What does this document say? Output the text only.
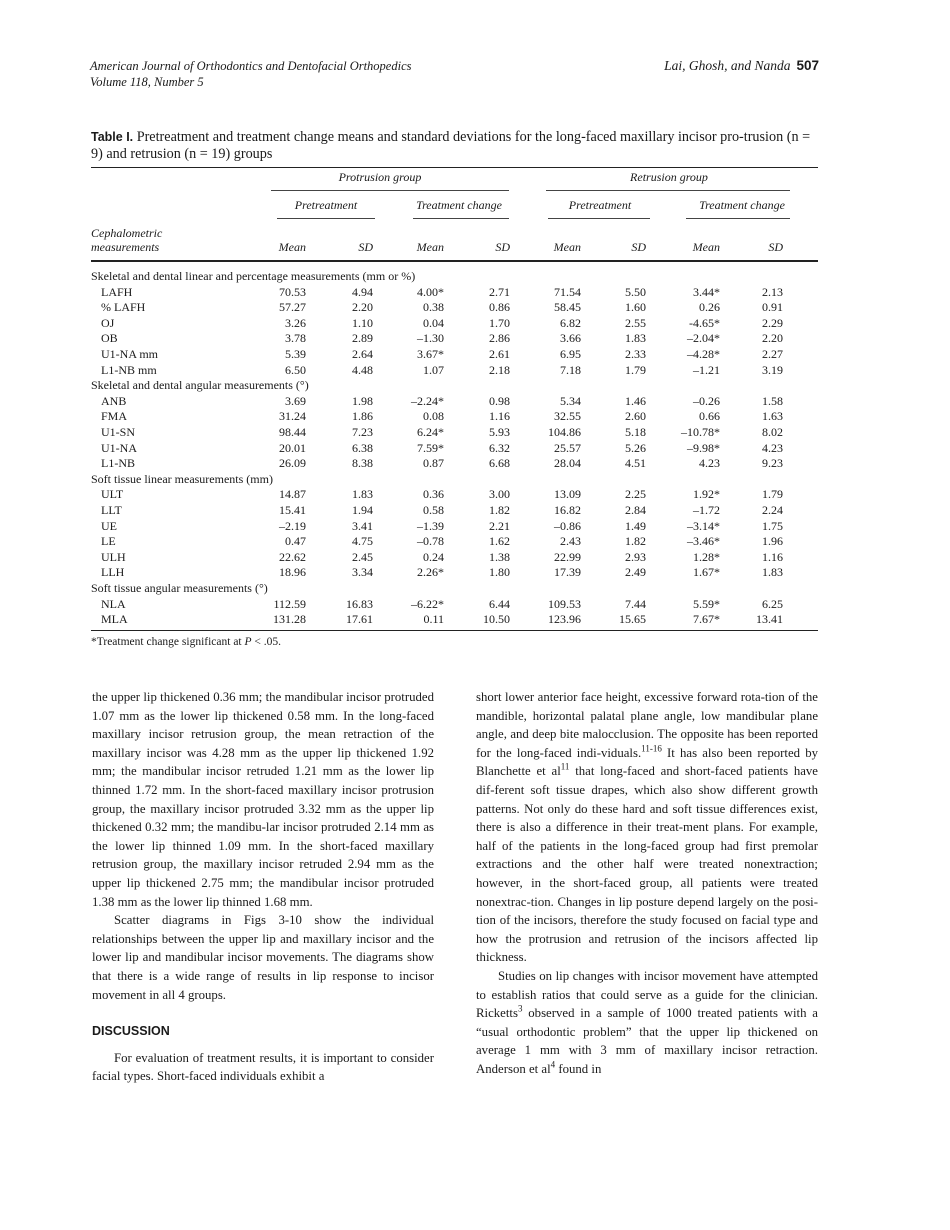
American Journal of Orthodontics and Dentofacial Orthopedics
Volume 118, Number 5
Lai, Ghosh, and Nanda 507
Table I. Pretreatment and treatment change means and standard deviations for the long-faced maxillary incisor pro-trusion (n = 9) and retrusion (n = 19) groups
Protrusion group	Retrusion group
Pretreatment	Treatment change	Pretreatment	Treatment change
Cephalometric
measurements	Mean	SD	Mean	SD	Mean	SD	Mean	SD
Skeletal and dental linear and percentage measurements (mm or %)
LAFH	70.53	4.94	4.00*	2.71	71.54	5.50	3.44*	2.13
% LAFH	57.27	2.20	0.38	0.86	58.45	1.60	0.26	0.91
OJ	3.26	1.10	0.04	1.70	6.82	2.55	-4.65*	2.29
OB	3.78	2.89	–1.30	2.86	3.66	1.83	–2.04*	2.20
U1-NA mm	5.39	2.64	3.67*	2.61	6.95	2.33	–4.28*	2.27
L1-NB mm	6.50	4.48	1.07	2.18	7.18	1.79	–1.21	3.19
Skeletal and dental angular measurements (°)
ANB	3.69	1.98	–2.24*	0.98	5.34	1.46	–0.26	1.58
FMA	31.24	1.86	0.08	1.16	32.55	2.60	0.66	1.63
U1-SN	98.44	7.23	6.24*	5.93	104.86	5.18	–10.78*	8.02
U1-NA	20.01	6.38	7.59*	6.32	25.57	5.26	–9.98*	4.23
L1-NB	26.09	8.38	0.87	6.68	28.04	4.51	4.23	9.23
Soft tissue linear measurements (mm)
ULT	14.87	1.83	0.36	3.00	13.09	2.25	1.92*	1.79
LLT	15.41	1.94	0.58	1.82	16.82	2.84	–1.72	2.24
UE	–2.19	3.41	–1.39	2.21	–0.86	1.49	–3.14*	1.75
LE	0.47	4.75	–0.78	1.62	2.43	1.82	–3.46*	1.96
ULH	22.62	2.45	0.24	1.38	22.99	2.93	1.28*	1.16
LLH	18.96	3.34	2.26*	1.80	17.39	2.49	1.67*	1.83
Soft tissue angular measurements (°)
NLA	112.59	16.83	–6.22*	6.44	109.53	7.44	5.59*	6.25
MLA	131.28	17.61	0.11	10.50	123.96	15.65	7.67*	13.41
*Treatment change significant at P < .05.

the upper lip thickened 0.36 mm; the mandibular incisor protruded 1.07 mm as the lower lip thickened 0.58 mm. In the long-faced maxillary incisor retrusion group, the mean retraction of the maxillary incisor was 4.28 mm as the upper lip thickened 1.92 mm; the mandibular incisor retruded 1.21 mm as the lower lip thinned 1.72 mm. In the short-faced maxillary incisor protrusion group, the maxillary incisor protruded 3.32 mm as the upper lip thickened 0.32 mm; the mandibu-lar incisor protruded 2.14 mm as the lower lip thinned 1.09 mm. In the short-faced maxillary retrusion group, the maxillary incisor retruded 2.94 mm as the upper lip thickened 2.75 mm; the mandibular incisor protruded 1.38 mm as the lower lip thinned 1.68 mm.

Scatter diagrams in Figs 3-10 show the individual relationships between the upper lip and maxillary incisor and the lower lip and mandibular incisor movements. The diagrams show that there is a wide range of results in lip response to incisor movement in all 4 groups.

DISCUSSION

For evaluation of treatment results, it is important to consider facial types. Short-faced individuals exhibit a

short lower anterior face height, excessive forward rota-tion of the mandible, horizontal palatal plane angle, low mandibular plane angle, and deep bite malocclusion. The opposite has been reported for the long-faced indi-viduals.$^{11-16}$ It has also been reported by Blanchette et $al^{11}$ that long-faced and short-faced patients have dif-ferent soft tissue drapes, which also show different growth patterns. Not only do these hard and soft tissue differences exist, there is also a difference in their treat-ment plans. For example, half of the patients in the long-faced group had first premolar extractions and the other half were treated nonextraction; however, in the short-faced group, all patients were treated nonextrac-tion. Changes in lip posture depend largely on the posi-tion of the incisors, therefore the study focused on facial type and how the protrusion and retrusion of the incisors affected lip thickness.

Studies on lip changes with incisor movement have attempted to establish ratios that could serve as a guide for the clinician. Ricketts$^3$ observed in a sample of 1000 treated patients with a “usual orthodontic problem” that the upper lip thickened on average 1 mm with 3 mm of maxillary incisor retraction. Anderson et $al^4$ found in
